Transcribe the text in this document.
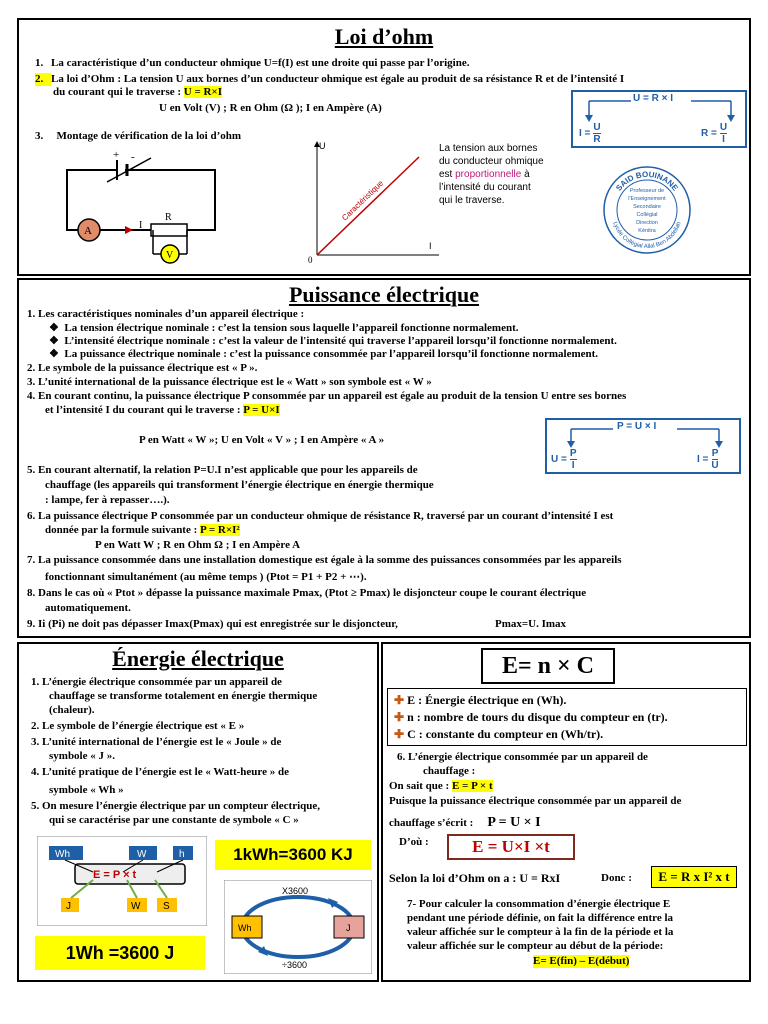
Loi d’ohm

1. La caractéristique d’un conducteur ohmique U=f(I) est une droite qui passe par l’origine.

2. La loi d’Ohm : La tension U aux bornes d’un conducteur ohmique est égale au produit de sa résistance R et de l’intensité I

du courant qui le traverse : U = R×I

U en Volt (V) ; R en Ohm (Ω ); I en Ampère (A)

3. Montage de vérification de la loi d’ohm

+ -
A
V
I
R
U
I
0
Caractéristique
La tension aux bornes
du conducteur ohmique
est proportionnelle à
l’intensité du courant
qui le traverse.
U = R × I
$I = \frac{U}{R}$	$R = \frac{U}{I}$
SAID BOUINANE
Lycée Collégial Allal Ben Abdellah
Professeur de
l'Enseignement
Secondaire
Collégial
Direction
Kénitra
Puissance électrique

1. Les caractéristiques nominales d’un appareil électrique :

❖  La tension électrique nominale : c’est la tension sous laquelle l’appareil fonctionne normalement.

❖  L’intensité électrique nominale : c’est la valeur de l'intensité qui traverse l’appareil lorsqu’il fonctionne normalement.

❖  La puissance électrique nominale : c’est la puissance consommée par l’appareil lorsqu’il fonctionne normalement.

2. Le symbole de la puissance électrique est « P ».

3. L’unité international de la puissance électrique est le « Watt » son symbole est « W »

4. En courant continu, la puissance électrique P consommée par un appareil est égale au produit de la tension U entre ses bornes

et l’intensité I du courant qui le traverse : P = U×I

P en Watt « W »; U en Volt « V » ; I en Ampère « A »

P = U × I
$U = \frac{P}{I}$	$I = \frac{P}{U}$

5. En courant alternatif, la relation P=U.I n’est applicable que pour les appareils de

chauffage (les appareils qui transforment l’énergie électrique en énergie thermique

: lampe, fer à repasser….).

6. La puissance électrique P consommée par un conducteur ohmique de résistance R, traversé par un courant d’intensité I est

donnée par la formule suivante : P = R×I²

P en Watt W ; R en Ohm Ω ; I en Ampère A

7. La puissance consommée dans une installation domestique est égale à la somme des puissances consommées par les appareils

fonctionnant simultanément (au même temps ) (Ptot = P1 + P2 + ⋯).

8. Dans le cas où « Ptot » dépasse la puissance maximale Pmax, (Ptot ≥ Pmax) le disjoncteur coupe le courant électrique

automatiquement.

9. Ii (Pi) ne doit pas dépasser Imax(Pmax) qui est enregistrée sur le disjoncteur,	Pmax=U. Imax

Énergie électrique

1. L’énergie électrique consommée par un appareil de

chauffage se transforme totalement en énergie thermique

(chaleur).

2. Le symbole de l’énergie électrique est « E »

3. L’unité international de l’énergie est le « Joule » de

symbole « J ».

4. L’unité pratique de l’énergie est le « Watt-heure » de

symbole « Wh »

5. On mesure l’énergie électrique par un compteur électrique,

qui se caractérise par une constante de symbole « C »

Wh	W	h
E = P × t
J	W S
1kWh=3600 KJ
1Wh =3600 J
X3600
÷3600
Wh	J
E= n × C

✚ E : Énergie électrique en (Wh).

✚ n : nombre de tours du disque du compteur en (tr).

✚ C : constante du compteur en (Wh/tr).

6. L’énergie électrique consommée par un appareil de

chauffage :

On sait que : E = P × t

Puisque la puissance électrique consommée par un appareil de

chauffage s’écrit : P = U × I

D’où :	E = U×I ×t

Selon la loi d’Ohm on a : U = RxI	Donc :	E = R x I² x t

7- Pour calculer la consommation d’énergie électrique E

pendant une période définie, on fait la différence entre la

valeur affichée sur le compteur à la fin de la période et la

valeur affichée sur le compteur au début de la période:

E= E(fin) – E(début)
